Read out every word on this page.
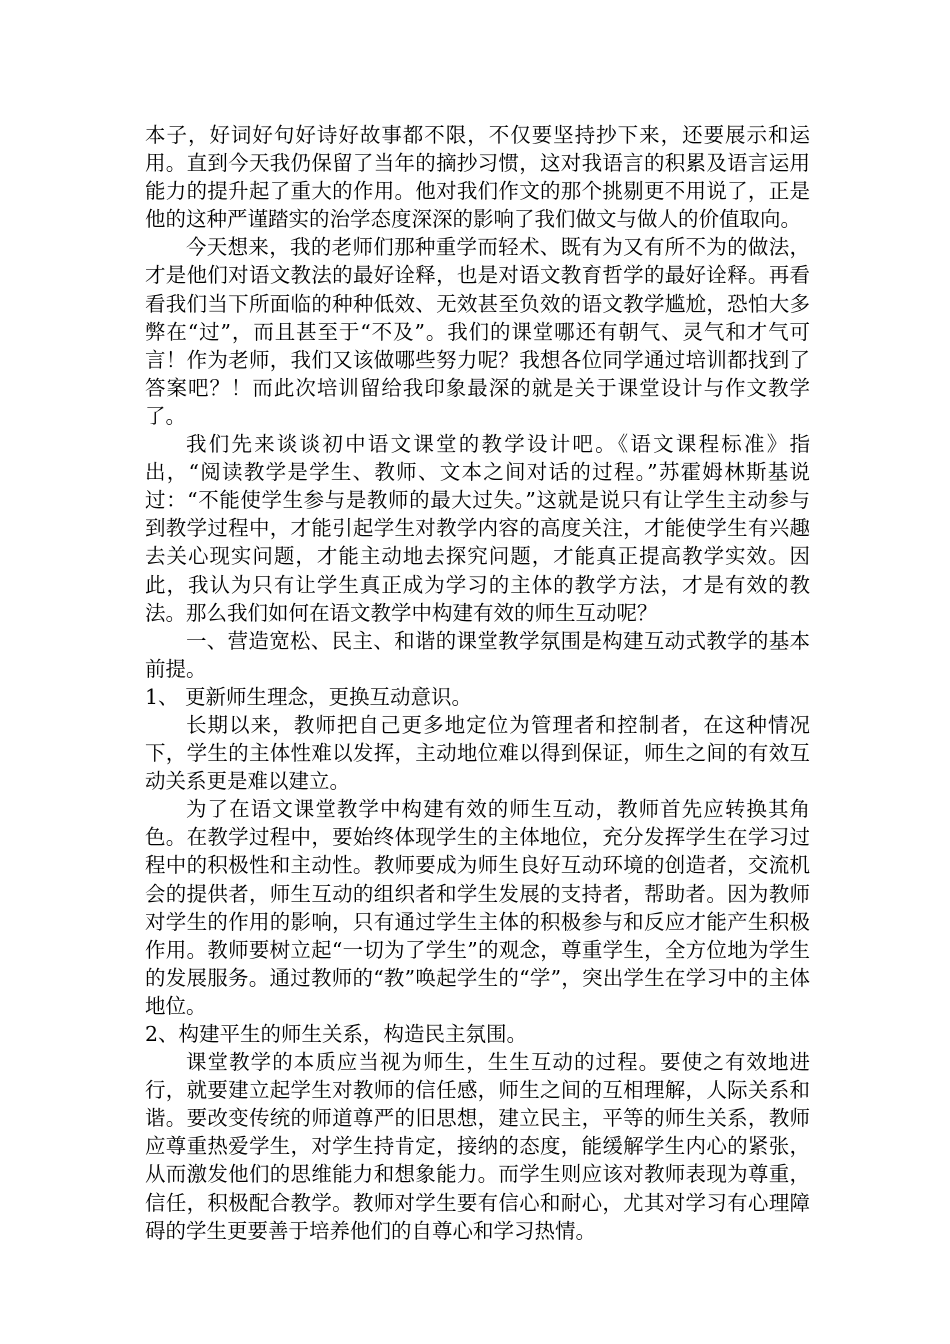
本子，好词好句好诗好故事都不限，不仅要坚持抄下来，还要展示和运用。直到今天我仍保留了当年的摘抄习惯，这对我语言的积累及语言运用能力的提升起了重大的作用。他对我们作文的那个挑剔更不用说了，正是他的这种严谨踏实的治学态度深深的影响了我们做文与做人的价值取向。

今天想来，我的老师们那种重学而轻术、既有为又有所不为的做法，才是他们对语文教法的最好诠释，也是对语文教育哲学的最好诠释。再看看我们当下所面临的种种低效、无效甚至负效的语文教学尴尬，恐怕大多弊在“过”，而且甚至于“不及”。我们的课堂哪还有朝气、灵气和才气可言！作为老师，我们又该做哪些努力呢？我想各位同学通过培训都找到了答案吧？！而此次培训留给我印象最深的就是关于课堂设计与作文教学了。

我们先来谈谈初中语文课堂的教学设计吧。《语文课程标准》指出，“阅读教学是学生、教师、文本之间对话的过程。”苏霍姆林斯基说过：“不能使学生参与是教师的最大过失。”这就是说只有让学生主动参与到教学过程中，才能引起学生对教学内容的高度关注，才能使学生有兴趣去关心现实问题，才能主动地去探究问题，才能真正提高教学实效。因此，我认为只有让学生真正成为学习的主体的教学方法，才是有效的教法。那么我们如何在语文教学中构建有效的师生互动呢？

一、营造宽松、民主、和谐的课堂教学氛围是构建互动式教学的基本前提。

1、 更新师生理念，更换互动意识。

长期以来，教师把自己更多地定位为管理者和控制者，在这种情况下，学生的主体性难以发挥，主动地位难以得到保证，师生之间的有效互动关系更是难以建立。

为了在语文课堂教学中构建有效的师生互动，教师首先应转换其角色。在教学过程中，要始终体现学生的主体地位，充分发挥学生在学习过程中的积极性和主动性。教师要成为师生良好互动环境的创造者，交流机会的提供者，师生互动的组织者和学生发展的支持者，帮助者。因为教师对学生的作用的影响，只有通过学生主体的积极参与和反应才能产生积极作用。教师要树立起“一切为了学生”的观念，尊重学生，全方位地为学生的发展服务。通过教师的“教”唤起学生的“学”，突出学生在学习中的主体地位。

2、构建平生的师生关系，构造民主氛围。

课堂教学的本质应当视为师生，生生互动的过程。要使之有效地进行，就要建立起学生对教师的信任感，师生之间的互相理解，人际关系和谐。要改变传统的师道尊严的旧思想，建立民主，平等的师生关系，教师应尊重热爱学生，对学生持肯定，接纳的态度，能缓解学生内心的紧张，从而激发他们的思维能力和想象能力。而学生则应该对教师表现为尊重，信任，积极配合教学。教师对学生要有信心和耐心，尤其对学习有心理障碍的学生更要善于培养他们的自尊心和学习热情。
